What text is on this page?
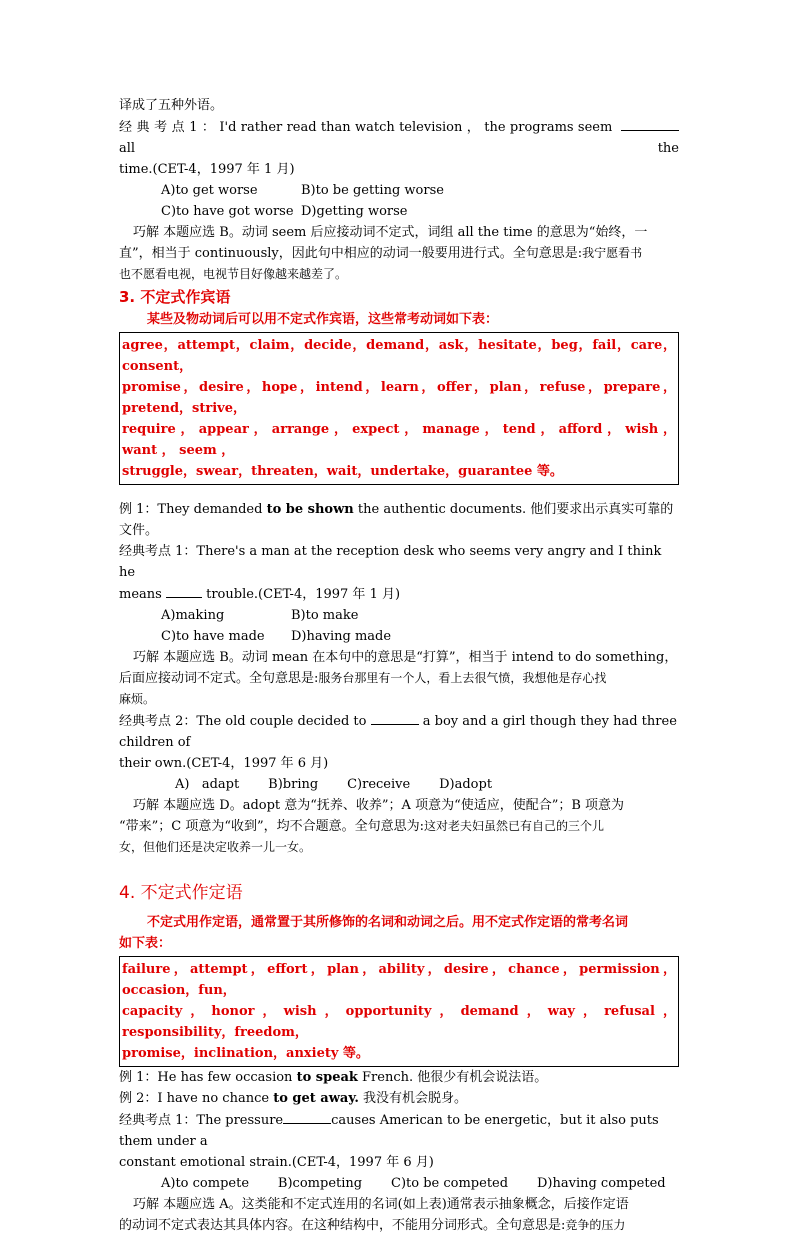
译成了五种外语。

经 典 考 点 1 ： I'd rather read than watch television ， the programs seem  all the

time.(CET-4，1997 年 1 月)

A)to get worse	B)to be getting worse

C)to have got worse D)getting worse

巧解 本题应选 B。动词 seem 后应接动词不定式，词组 all the time 的意思为“始终，一

直”，相当于 continuously，因此句中相应的动词一般要用进行式。全句意思是:我宁愿看书

也不愿看电视，电视节目好像越来越差了。

3. 不定式作宾语

某些及物动词后可以用不定式作宾语，这些常考动词如下表：

agree，attempt，claim，decide，demand，ask，hesitate，beg，fail，care，consent，

promise，desire，hope，intend，learn，offer，plan，refuse，prepare，pretend，strive，

require ， appear ， arrange ， expect ， manage ， tend ， afford ， wish ， want ， seem ，

struggle，swear，threaten，wait，undertake，guarantee 等。

例 1：They demanded to be shown the authentic documents. 他们要求出示真实可靠的文件。

经典考点 1：There's a man at the reception desk who seems very angry and I think he

means	trouble.(CET-4，1997 年 1 月)

A)making	B)to make

C)to have made D)having made

巧解 本题应选 B。动词 mean 在本句中的意思是“打算”，相当于 intend to do something，

后面应接动词不定式。全句意思是:服务台那里有一个人，看上去很气愤，我想他是存心找

麻烦。

经典考点 2：The old couple decided to	a boy and a girl though they had three children of

their own.(CET-4，1997 年 6 月)

A)   adapt       B)bring       C)receive       D)adopt

巧解 本题应选 D。adopt 意为“抚养、收养”；A 项意为“使适应，使配合”；B 项意为

“带来”；C 项意为“收到”，均不合题意。全句意思为:这对老夫妇虽然已有自己的三个儿

女，但他们还是决定收养一儿一女。

4. 不定式作定语

不定式用作定语，通常置于其所修饰的名词和动词之后。用不定式作定语的常考名词

如下表：

failure，attempt，effort，plan，ability，desire，chance，permission，occasion，fun，

capacity，honor，wish，opportunity，demand，way，refusal，responsibility，freedom，

promise，inclination，anxiety 等。

例 1：He has few occasion to speak French. 他很少有机会说法语。

例 2：I have no chance to get away. 我没有机会脱身。

经典考点 1：The pressure	causes American to be energetic，but it also puts them under a

constant emotional strain.(CET-4，1997 年 6 月)

A)to compete       B)competing       C)to be competed       D)having competed

巧解 本题应选 A。这类能和不定式连用的名词(如上表)通常表示抽象概念，后接作定语

的动词不定式表达其具体内容。在这种结构中，不能用分词形式。全句意思是:竞争的压力
